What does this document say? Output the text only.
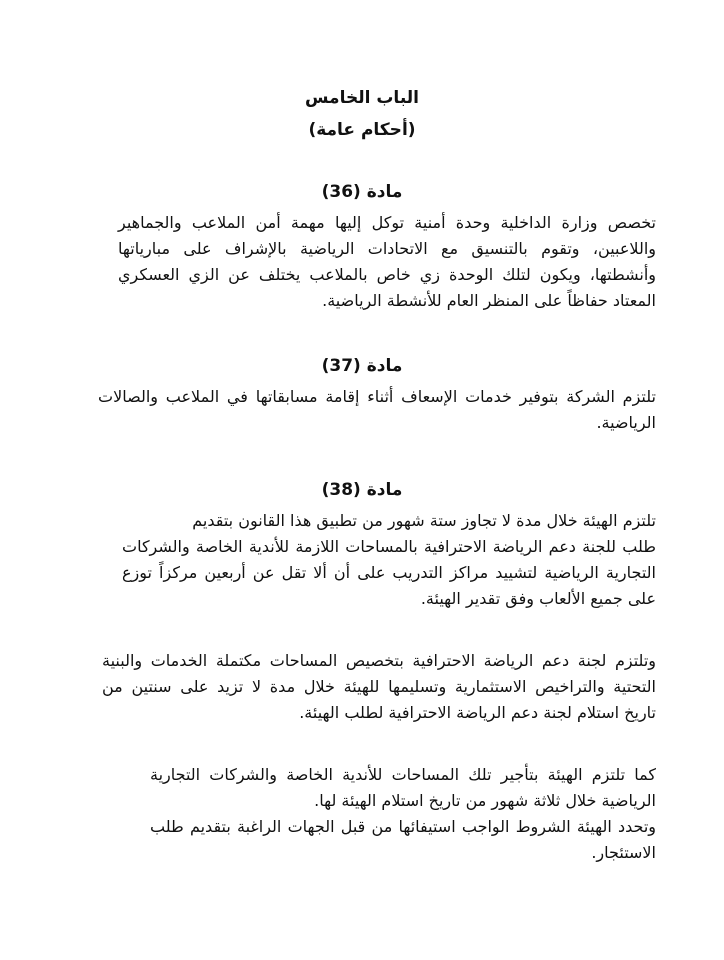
الباب الخامس
(أحكام عامة)
مادة (36)
تخصص وزارة الداخلية وحدة أمنية توكل إليها مهمة أمن الملاعب والجماهير
واللاعبين، وتقوم بالتنسيق مع الاتحادات الرياضية بالإشراف على مبارياتها
وأنشطتها، ويكون لتلك الوحدة زي خاص بالملاعب يختلف عن الزي العسكري
المعتاد حفاظاً على المنظر العام للأنشطة الرياضية.
مادة (37)
تلتزم الشركة بتوفير خدمات الإسعاف أثناء إقامة مسابقاتها في الملاعب والصالات
الرياضية.
مادة (38)
تلتزم الهيئة خلال مدة لا تجاوز ستة شهور من تطبيق هذا القانون بتقديم
طلب للجنة دعم الرياضة الاحترافية بالمساحات اللازمة للأندية الخاصة والشركات
التجارية الرياضية لتشييد مراكز التدريب على أن ألا تقل عن أربعين مركزاً توزع
على جميع الألعاب وفق تقدير الهيئة.
وتلتزم لجنة دعم الرياضة الاحترافية بتخصيص المساحات مكتملة الخدمات والبنية
التحتية والتراخيص الاستثمارية وتسليمها للهيئة خلال مدة لا تزيد على سنتين من
تاريخ استلام لجنة دعم الرياضة الاحترافية لطلب الهيئة.
كما تلتزم الهيئة بتأجير تلك المساحات للأندية الخاصة والشركات التجارية
الرياضية خلال ثلاثة شهور من تاريخ استلام الهيئة لها.
وتحدد الهيئة الشروط الواجب استيفائها من قبل الجهات الراغبة بتقديم طلب
الاستئجار.
